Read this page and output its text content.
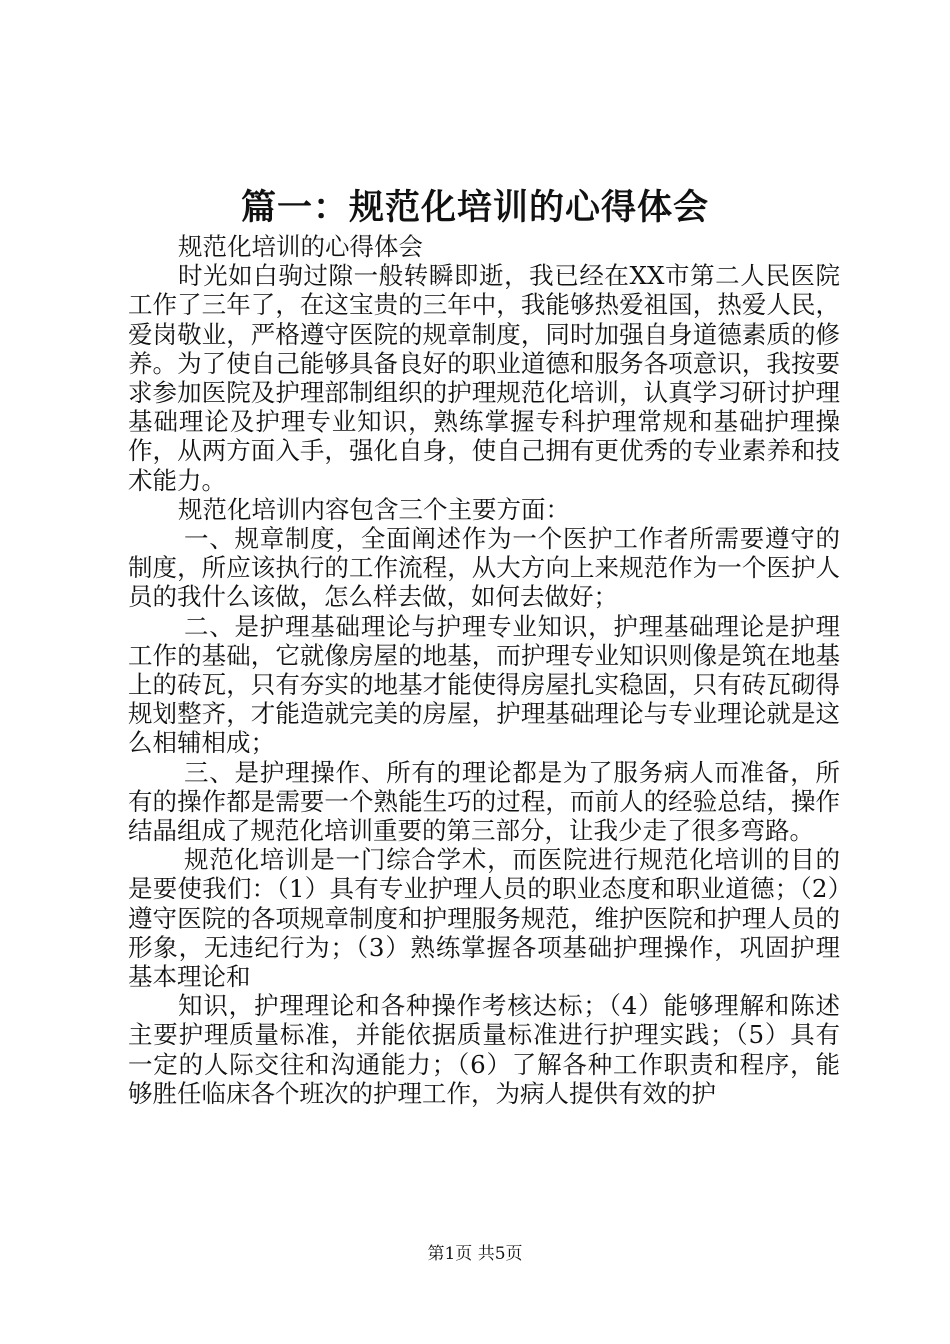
篇一：规范化培训的心得体会

规范化培训的心得体会

时光如白驹过隙一般转瞬即逝，我已经在XX市第二人民医院工作了三年了，在这宝贵的三年中，我能够热爱祖国，热爱人民，爱岗敬业，严格遵守医院的规章制度，同时加强自身道德素质的修养。为了使自己能够具备良好的职业道德和服务各项意识，我按要求参加医院及护理部制组织的护理规范化培训，认真学习研讨护理基础理论及护理专业知识，熟练掌握专科护理常规和基础护理操作，从两方面入手，强化自身，使自己拥有更优秀的专业素养和技术能力。

规范化培训内容包含三个主要方面：

一、规章制度，全面阐述作为一个医护工作者所需要遵守的制度，所应该执行的工作流程，从大方向上来规范作为一个医护人员的我什么该做，怎么样去做，如何去做好；

二、是护理基础理论与护理专业知识，护理基础理论是护理工作的基础，它就像房屋的地基，而护理专业知识则像是筑在地基上的砖瓦，只有夯实的地基才能使得房屋扎实稳固，只有砖瓦砌得规划整齐，才能造就完美的房屋，护理基础理论与专业理论就是这么相辅相成；

三、是护理操作、所有的理论都是为了服务病人而准备，所有的操作都是需要一个熟能生巧的过程，而前人的经验总结，操作结晶组成了规范化培训重要的第三部分，让我少走了很多弯路。

规范化培训是一门综合学术，而医院进行规范化培训的目的是要使我们：（1）具有专业护理人员的职业态度和职业道德；（2）遵守医院的各项规章制度和护理服务规范，维护医院和护理人员的形象，无违纪行为；（3）熟练掌握各项基础护理操作，巩固护理基本理论和

知识，护理理论和各种操作考核达标；（4）能够理解和陈述主要护理质量标准，并能依据质量标准进行护理实践；（5）具有一定的人际交往和沟通能力；（6）了解各种工作职责和程序，能够胜任临床各个班次的护理工作，为病人提供有效的护

第1页 共5页
